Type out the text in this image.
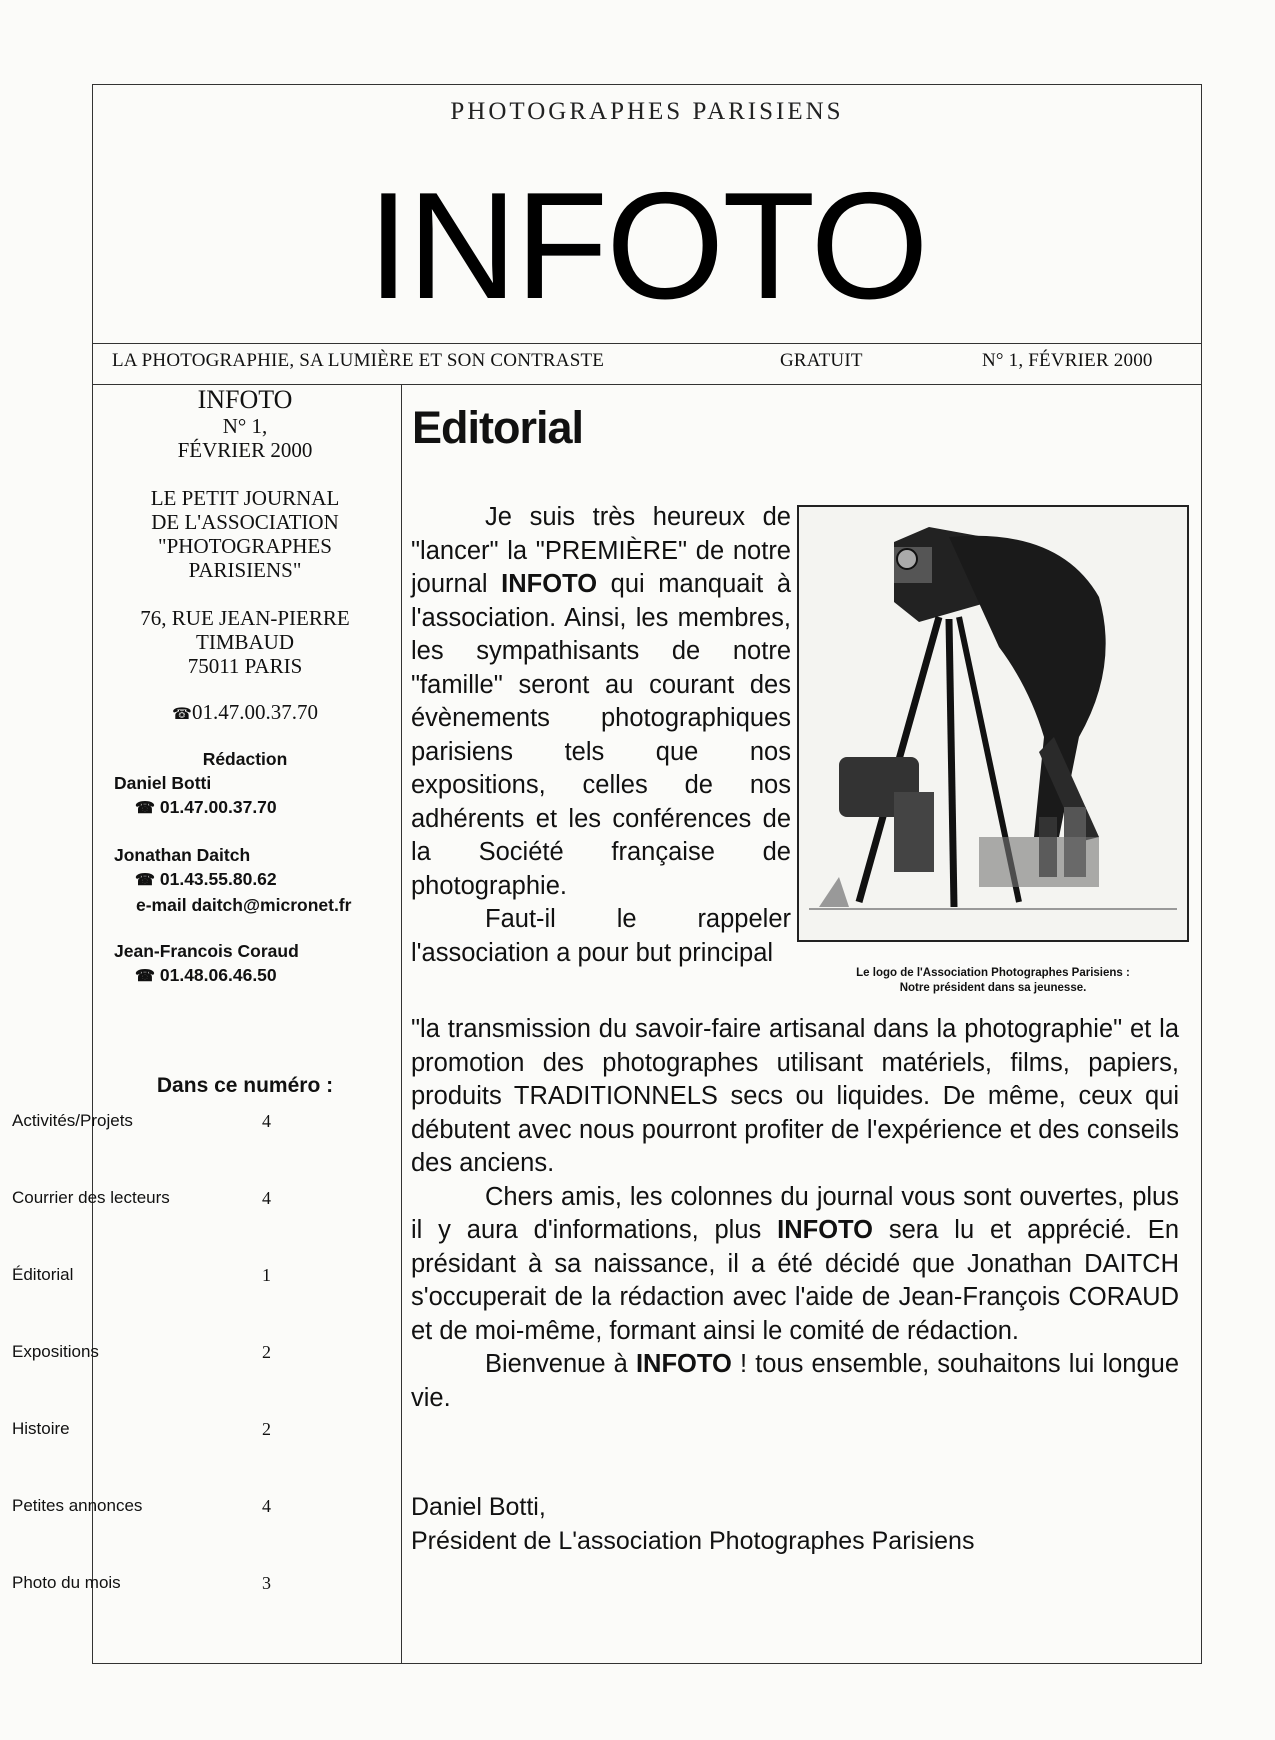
PHOTOGRAPHES PARISIENS
INFOTO
LA PHOTOGRAPHIE, SA LUMIÈRE ET SON CONTRASTE	GRATUIT	N° 1, FÉVRIER 2000
INFOTO
N° 1,
FÉVRIER 2000
LE PETIT JOURNAL
DE L'ASSOCIATION
"PHOTOGRAPHES
PARISIENS"
76, RUE JEAN-PIERRE
TIMBAUD
75011 PARIS
☎01.47.00.37.70
Rédaction
Daniel Botti
☎ 01.47.00.37.70
Jonathan Daitch
☎ 01.43.55.80.62
e-mail daitch@micronet.fr
Jean-Francois Coraud
☎ 01.48.06.46.50
Dans ce numéro :
Activités/Projets	4
Courrier des lecteurs	4
Éditorial	1
Expositions	2
Histoire	2
Petites annonces	4
Photo du mois	3
Editorial

Je suis très heureux de "lancer" la "PREMIÈRE" de notre journal INFOTO qui manquait à l'association. Ainsi, les membres, les sympathisants de notre "famille" seront au courant des évènements photographiques parisiens tels que nos expositions, celles de nos adhérents et les conférences de la Société française de photographie.

Faut-il le rappeler l'association a pour but principal

Le logo de l'Association Photographes Parisiens :
Notre président dans sa jeunesse.

"la transmission du savoir-faire artisanal dans la photographie" et la promotion des photographes utilisant matériels, films, papiers, produits TRADITIONNELS secs ou liquides. De même, ceux qui débutent avec nous pourront profiter de l'expérience et des conseils des anciens.

Chers amis, les colonnes du journal vous sont ouvertes, plus il y aura d'informations, plus INFOTO sera lu et apprécié. En présidant à sa naissance, il a été décidé que Jonathan DAITCH s'occuperait de la rédaction avec l'aide de Jean-François CORAUD et de moi-même, formant ainsi le comité de rédaction.

Bienvenue à INFOTO ! tous ensemble, souhaitons lui longue vie.

Daniel Botti,
Président de L'association Photographes Parisiens
